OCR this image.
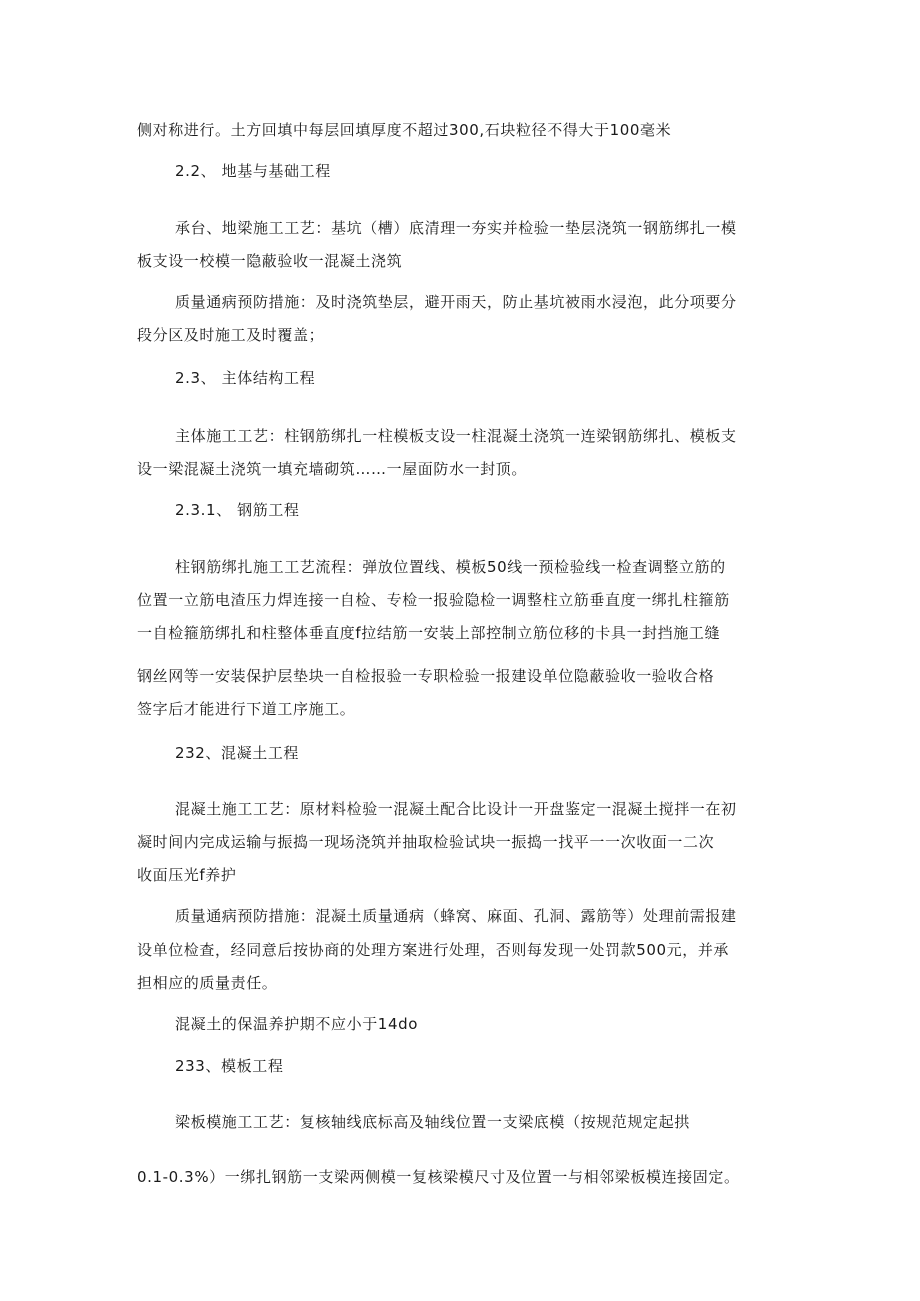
侧对称进行。土方回填中每层回填厚度不超过300,石块粒径不得大于100毫米
2.2、 地基与基础工程
承台、地梁施工工艺：基坑（槽）底清理一夯实并检验一垫层浇筑一钢筋绑扎一模
板支设一校模一隐蔽验收一混凝土浇筑
质量通病预防措施：及时浇筑垫层，避开雨天，防止基坑被雨水浸泡，此分项要分
段分区及时施工及时覆盖；
2.3、 主体结构工程
主体施工工艺：柱钢筋绑扎一柱模板支设一柱混凝土浇筑一连梁钢筋绑扎、模板支
设一梁混凝土浇筑一填充墙砌筑……一屋面防水一封顶。
2.3.1、 钢筋工程
柱钢筋绑扎施工工艺流程：弹放位置线、模板50线一预检验线一检查调整立筋的
位置一立筋电渣压力焊连接一自检、专检一报验隐检一调整柱立筋垂直度一绑扎柱箍筋
一自检箍筋绑扎和柱整体垂直度f拉结筋一安装上部控制立筋位移的卡具一封挡施工缝
钢丝网等一安装保护层垫块一自检报验一专职检验一报建设单位隐蔽验收一验收合格
签字后才能进行下道工序施工。
232、混凝土工程
混凝土施工工艺：原材料检验一混凝土配合比设计一开盘鉴定一混凝土搅拌一在初
凝时间内完成运输与振捣一现场浇筑并抽取检验试块一振捣一找平一一次收面一二次
收面压光f养护
质量通病预防措施：混凝土质量通病（蜂窝、麻面、孔洞、露筋等）处理前需报建
设单位检查，经同意后按协商的处理方案进行处理，否则每发现一处罚款500元，并承
担相应的质量责任。
混凝土的保温养护期不应小于14do
233、模板工程
梁板模施工工艺：复核轴线底标高及轴线位置一支梁底模（按规范规定起拱
0.1-0.3%）一绑扎钢筋一支梁两侧模一复核梁模尺寸及位置一与相邻梁板模连接固定。
